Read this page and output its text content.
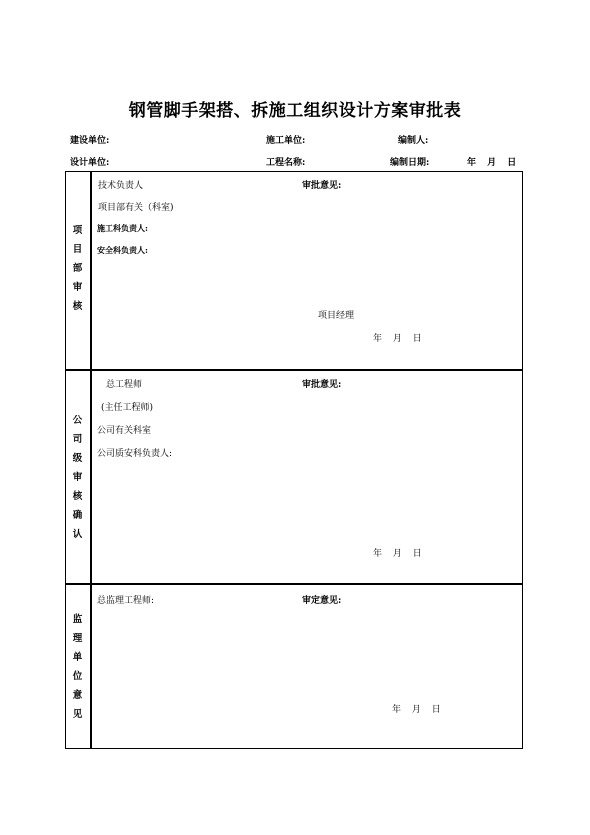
钢管脚手架搭、拆施工组织设计方案审批表
建设单位:	施工单位:	编制人:
设计单位:	工程名称:	编制日期:	年 月 日
项
目
部
审
核
技术负责人	审批意见:
项目部有关（科室)
施工科负责人:
安全科负责人:
项目经理
年 月 日
公
司
级
审
核
确
认
总工程师	审批意见:
(主任工程师)
公司有关科室
公司质安科负责人:
年 月 日
监
理
单
位
意
见
总监理工程师:	审定意见:
年 月 日
